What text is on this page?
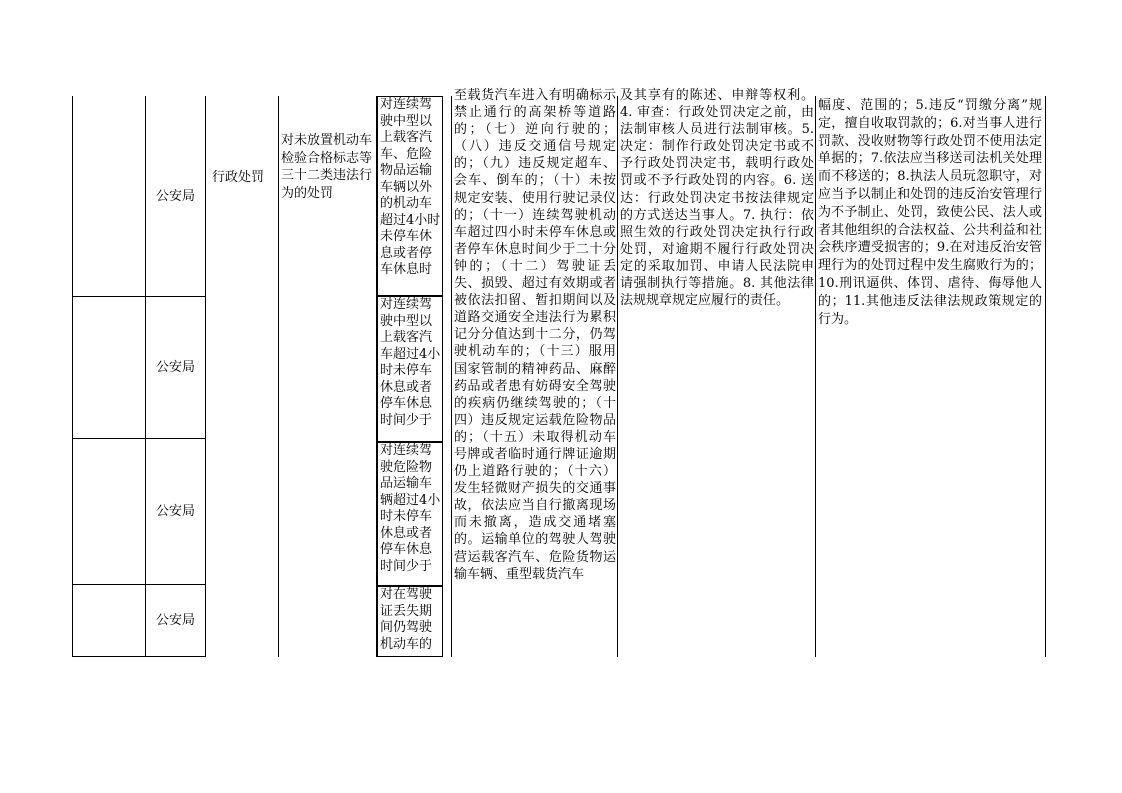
公安局
公安局
公安局
公安局
行政处罚
对未放置机动车检验合格标志等三十二类违法行为的处罚
对连续驾驶中型以上载客汽车、危险物品运输车辆以外的机动车超过4小时未停车休息或者停车休息时
对连续驾驶中型以上载客汽车超过4小时未停车休息或者停车休息时间少于
对连续驾驶危险物品运输车辆超过4小时未停车休息或者停车休息时间少于
对在驾驶证丢失期间仍驾驶机动车的
至载货汽车进入有明确标示禁止通行的高架桥等道路的；（七）逆向行驶的；（八）违反交通信号规定的；（九）违反规定超车、会车、倒车的；（十）未按规定安装、使用行驶记录仪的；（十一）连续驾驶机动车超过四小时未停车休息或者停车休息时间少于二十分钟的；（十二）驾驶证丢失、损毁、超过有效期或者被依法扣留、暂扣期间以及道路交通安全违法行为累积记分分值达到十二分，仍驾驶机动车的；（十三）服用国家管制的精神药品、麻醉药品或者患有妨碍安全驾驶的疾病仍继续驾驶的；（十四）违反规定运载危险物品的；（十五）未取得机动车号牌或者临时通行牌证逾期仍上道路行驶的；（十六）发生轻微财产损失的交通事故，依法应当自行撤离现场而未撤离，造成交通堵塞的。运输单位的驾驶人驾驶营运载客汽车、危险货物运输车辆、重型载货汽车
及其享有的陈述、申辩等权利。4. 审查：行政处罚决定之前，由法制审核人员进行法制审核。5. 决定：制作行政处罚决定书或不予行政处罚决定书，载明行政处罚或不予行政处罚的内容。6. 送达：行政处罚决定书按法律规定的方式送达当事人。7. 执行：依照生效的行政处罚决定执行行政处罚，对逾期不履行行政处罚决定的采取加罚、申请人民法院申请强制执行等措施。8. 其他法律法规规章规定应履行的责任。
幅度、范围的；5.违反“罚缴分离”规定，擅自收取罚款的；6.对当事人进行罚款、没收财物等行政处罚不使用法定单据的；7.依法应当移送司法机关处理而不移送的；8.执法人员玩忽职守，对应当予以制止和处罚的违反治安管理行为不予制止、处罚，致使公民、法人或者其他组织的合法权益、公共利益和社会秩序遭受损害的；9.在对违反治安管理行为的处罚过程中发生腐败行为的；10.刑讯逼供、体罚、虐待、侮辱他人的；11.其他违反法律法规政策规定的行为。
